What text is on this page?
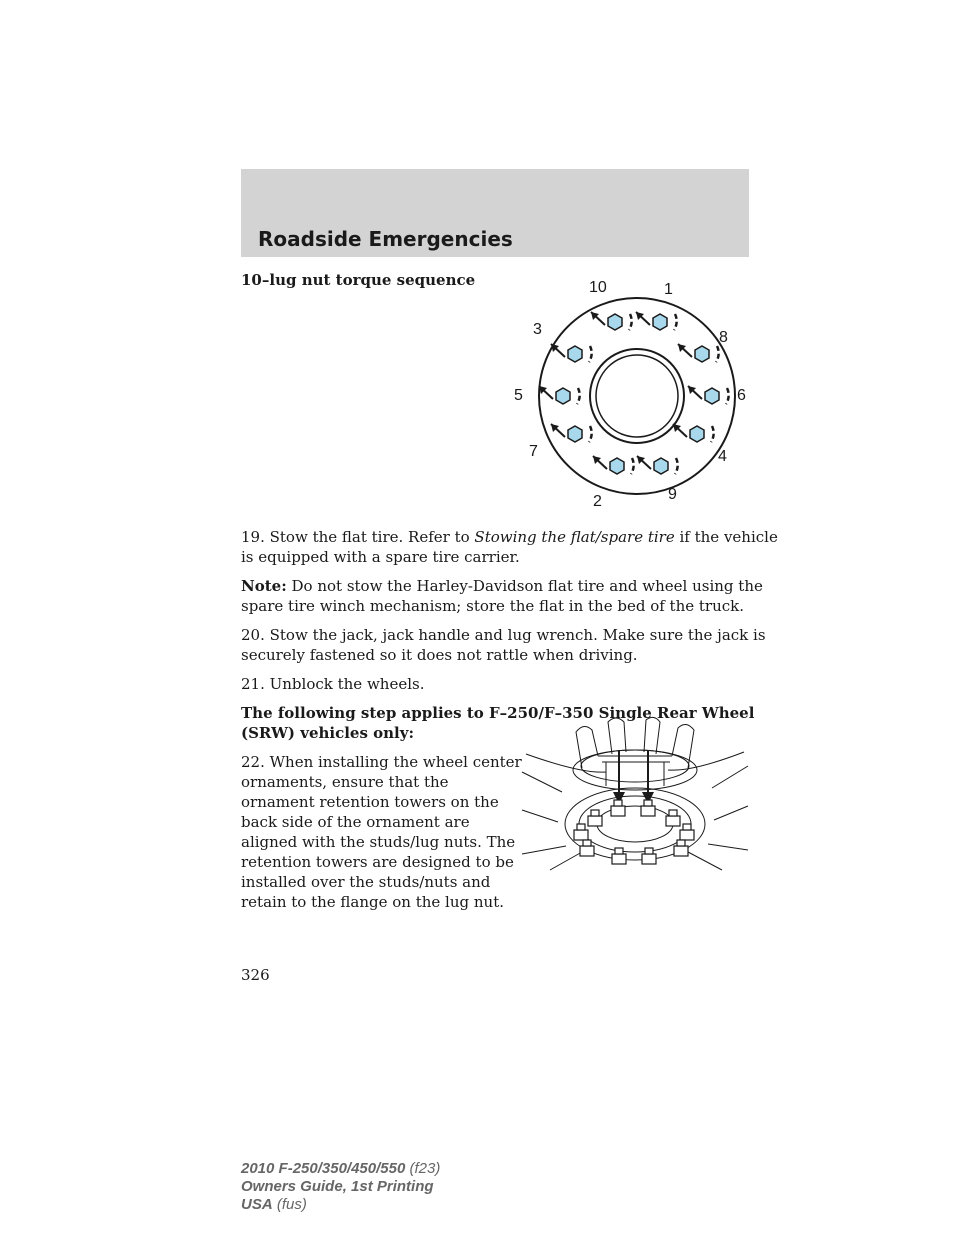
Roadside Emergencies
10–lug nut torque sequence	10	1
3	8
5	6
7	4
2	9
19. Stow the flat tire. Refer to Stowing the flat/spare tire if the vehicle
is equipped with a spare tire carrier.
Note: Do not stow the Harley-Davidson flat tire and wheel using the
spare tire winch mechanism; store the flat in the bed of the truck.
20. Stow the jack, jack handle and lug wrench. Make sure the jack is
securely fastened so it does not rattle when driving.
21. Unblock the wheels.
The following step applies to F–250/F–350 Single Rear Wheel
(SRW) vehicles only:
22. When installing the wheel center
ornaments, ensure that the
ornament retention towers on the
back side of the ornament are
aligned with the studs/lug nuts. The
retention towers are designed to be
installed over the studs/nuts and
retain to the flange on the lug nut.
326
2010 F-250/350/450/550 (f23)
Owners Guide, 1st Printing
USA (fus)
